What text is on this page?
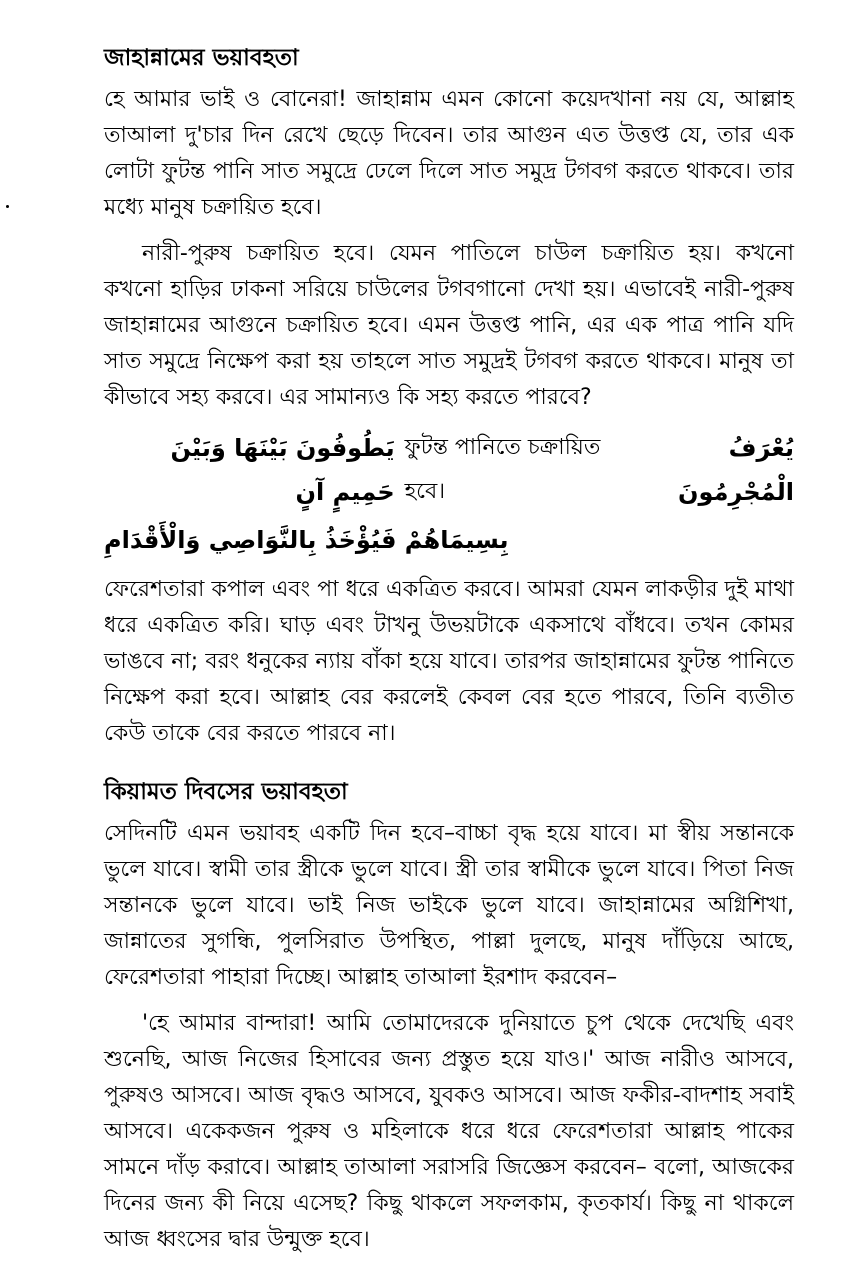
জাহান্নামের ভয়াবহতা

হে আমার ভাই ও বোনেরা! জাহান্নাম এমন কোনো কয়েদখানা নয় যে, আল্লাহ তাআলা দু'চার দিন রেখে ছেড়ে দিবেন। তার আগুন এত উত্তপ্ত যে, তার এক লোটা ফুটন্ত পানি সাত সমুদ্রে ঢেলে দিলে সাত সমুদ্র টগবগ করতে থাকবে। তার মধ্যে মানুষ চক্রায়িত হবে।

নারী-পুরুষ চক্রায়িত হবে। যেমন পাতিলে চাউল চক্রায়িত হয়। কখনো কখনো হাড়ির ঢাকনা সরিয়ে চাউলের টগবগানো দেখা হয়। এভাবেই নারী-পুরুষ জাহান্নামের আগুনে চক্রায়িত হবে। এমন উত্তপ্ত পানি, এর এক পাত্র পানি যদি সাত সমুদ্রে নিক্ষেপ করা হয় তাহলে সাত সমুদ্রই টগবগ করতে থাকবে। মানুষ তা কীভাবে সহ্য করবে। এর সামান্যও কি সহ্য করতে পারবে?

يَطُوفُونَ بَيْنَهَا وَبَيْنَ حَمِيمٍ آنٍ
ফুটন্ত পানিতে চক্রায়িত হবে।
يُعْرَفُ الْمُجْرِمُونَ
بِسِيمَاهُمْ فَيُؤْخَذُ بِالنَّوَاصِي وَالْأَقْدَامِ

ফেরেশতারা কপাল এবং পা ধরে একত্রিত করবে। আমরা যেমন লাকড়ীর দুই মাথা ধরে একত্রিত করি। ঘাড় এবং টাখনু উভয়টাকে একসাথে বাঁধবে। তখন কোমর ভাঙবে না; বরং ধনুকের ন্যায় বাঁকা হয়ে যাবে। তারপর জাহান্নামের ফুটন্ত পানিতে নিক্ষেপ করা হবে। আল্লাহ বের করলেই কেবল বের হতে পারবে, তিনি ব্যতীত কেউ তাকে বের করতে পারবে না।

কিয়ামত দিবসের ভয়াবহতা

সেদিনটি এমন ভয়াবহ একটি দিন হবে–বাচ্চা বৃদ্ধ হয়ে যাবে। মা স্বীয় সন্তানকে ভুলে যাবে। স্বামী তার স্ত্রীকে ভুলে যাবে। স্ত্রী তার স্বামীকে ভুলে যাবে। পিতা নিজ সন্তানকে ভুলে যাবে। ভাই নিজ ভাইকে ভুলে যাবে। জাহান্নামের অগ্নিশিখা, জান্নাতের সুগন্ধি, পুলসিরাত উপস্থিত, পাল্লা দুলছে, মানুষ দাঁড়িয়ে আছে, ফেরেশতারা পাহারা দিচ্ছে। আল্লাহ তাআলা ইরশাদ করবেন–

'হে আমার বান্দারা! আমি তোমাদেরকে দুনিয়াতে চুপ থেকে দেখেছি এবং শুনেছি, আজ নিজের হিসাবের জন্য প্রস্তুত হয়ে যাও।' আজ নারীও আসবে, পুরুষও আসবে। আজ বৃদ্ধও আসবে, যুবকও আসবে। আজ ফকীর-বাদশাহ সবাই আসবে। একেকজন পুরুষ ও মহিলাকে ধরে ধরে ফেরেশতারা আল্লাহ পাকের সামনে দাঁড় করাবে। আল্লাহ তাআলা সরাসরি জিজ্ঞেস করবেন– বলো, আজকের দিনের জন্য কী নিয়ে এসেছ? কিছু থাকলে সফলকাম, কৃতকার্য। কিছু না থাকলে আজ ধ্বংসের দ্বার উন্মুক্ত হবে।
